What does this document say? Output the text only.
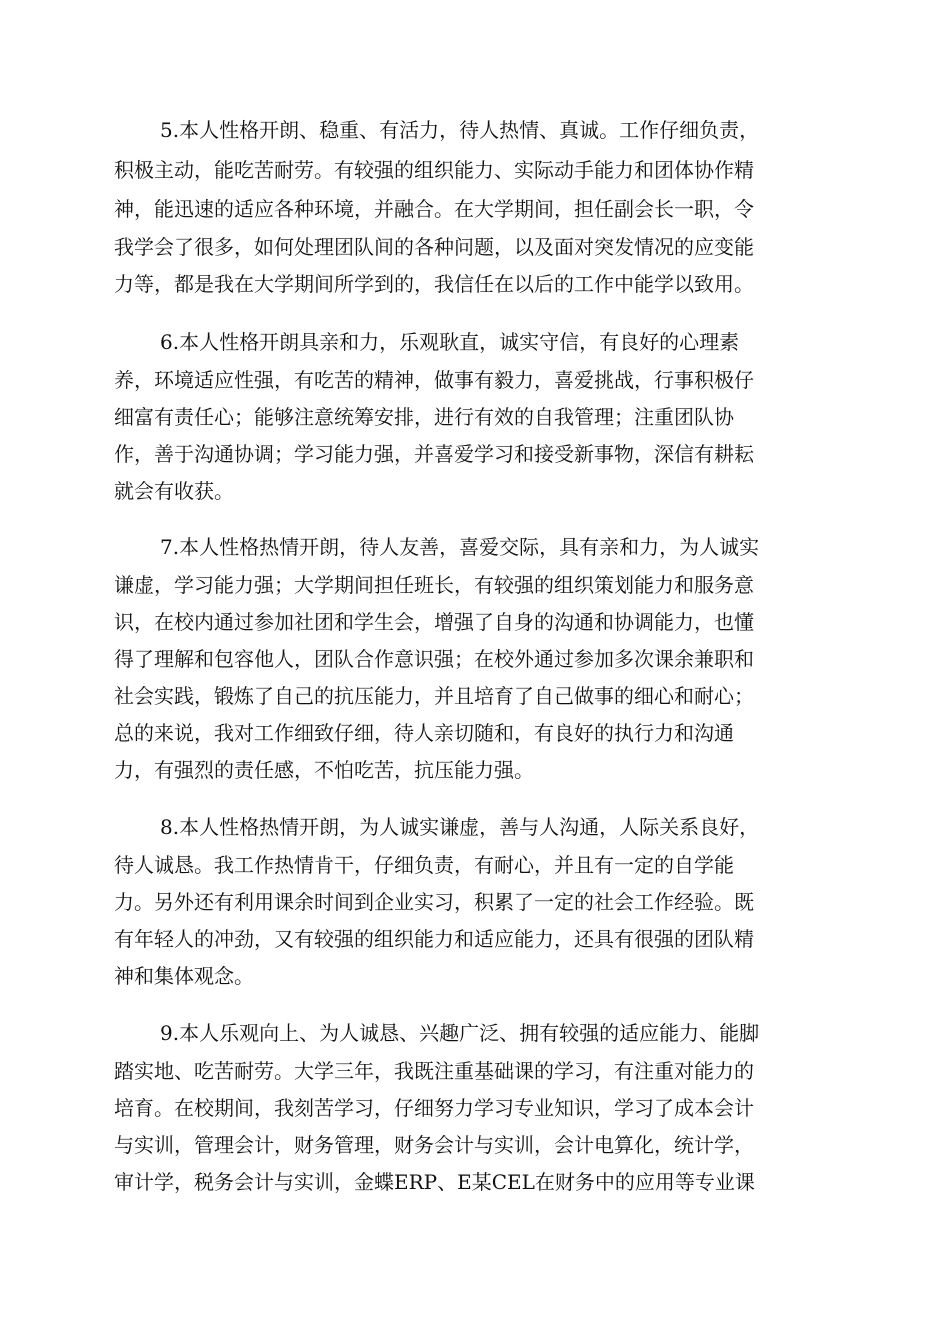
5.本人性格开朗、稳重、有活力，待人热情、真诚。工作仔细负责，

积极主动，能吃苦耐劳。有较强的组织能力、实际动手能力和团体协作精

神，能迅速的适应各种环境，并融合。在大学期间，担任副会长一职，令

我学会了很多，如何处理团队间的各种问题，以及面对突发情况的应变能

力等，都是我在大学期间所学到的，我信任在以后的工作中能学以致用。

6.本人性格开朗具亲和力，乐观耿直，诚实守信，有良好的心理素

养，环境适应性强，有吃苦的精神，做事有毅力，喜爱挑战，行事积极仔

细富有责任心；能够注意统筹安排，进行有效的自我管理；注重团队协

作，善于沟通协调；学习能力强，并喜爱学习和接受新事物，深信有耕耘

就会有收获。

7.本人性格热情开朗，待人友善，喜爱交际，具有亲和力，为人诚实

谦虚，学习能力强；大学期间担任班长，有较强的组织策划能力和服务意

识，在校内通过参加社团和学生会，增强了自身的沟通和协调能力，也懂

得了理解和包容他人，团队合作意识强；在校外通过参加多次课余兼职和

社会实践，锻炼了自己的抗压能力，并且培育了自己做事的细心和耐心；

总的来说，我对工作细致仔细，待人亲切随和，有良好的执行力和沟通

力，有强烈的责任感，不怕吃苦，抗压能力强。

8.本人性格热情开朗，为人诚实谦虚，善与人沟通，人际关系良好，

待人诚恳。我工作热情肯干，仔细负责，有耐心，并且有一定的自学能

力。另外还有利用课余时间到企业实习，积累了一定的社会工作经验。既

有年轻人的冲劲，又有较强的组织能力和适应能力，还具有很强的团队精

神和集体观念。

9.本人乐观向上、为人诚恳、兴趣广泛、拥有较强的适应能力、能脚

踏实地、吃苦耐劳。大学三年，我既注重基础课的学习，有注重对能力的

培育。在校期间，我刻苦学习，仔细努力学习专业知识，学习了成本会计

与实训，管理会计，财务管理，财务会计与实训，会计电算化，统计学，

审计学，税务会计与实训，金蝶ERP、E某CEL在财务中的应用等专业课
